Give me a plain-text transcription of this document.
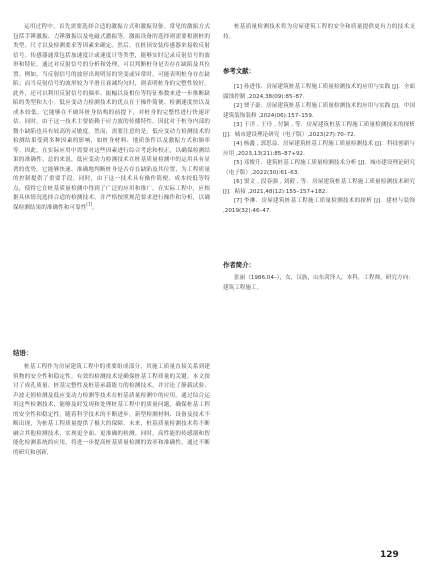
运用过程中，首先需要选择合适的激振方式和激振设备。常见的激振方式包括手锤激振、力锤激振以及电磁式激振等。激振设备的选择则需要根据桩的类型、尺寸以及检测要求等因素来确定。然后，在桩顶安装传感器来接收反射信号。传感器通常包括加速度计或速度计等类型，能够实时记录反射信号的波形和特征。通过对反射信号的分析和处理，可以判断桩身是否存在缺陷及其位置。例如，当反射信号的波形出现明显的突变或异常时，可能表明桩身存在缺陷；而当反射信号的波形较为平滑且衰减均匀时，则表明桩身的完整性较好。此外，还可以利用反射信号的频率、振幅以及相位等特征参数来进一步推断缺陷的类型和大小。低应变动力检测技术的优点在于操作简便、检测速度快以及成本较低。它能够在不破坏桩身结构的前提下，对桩身的完整性进行快速评估。同时，由于这一技术主要依赖于应力波的传播特性，因此对于桩身内部的微小缺陷也具有较高的灵敏度。然而，需要注意的是，低应变动力检测技术的检测结果受到多种因素的影响，如桩身材料、地质条件以及激振方式和频率等。因此，在实际应用中需要对这些因素进行综合考虑和校正，以确保检测结果的准确性。总的来说，低应变动力检测技术在桩基质量检测中的运用具有显著的优势。它能够快速、准确地判断桩身是否存在缺陷及其位置，为工程质量的控制提供了重要手段。同时，由于这一技术具有操作简便、成本较低等特点，使得它在桩基质量检测中得到了广泛的应用和推广。在实际工程中，应根据具体情况选择合适的检测技术，并严格按照规范要求进行操作和分析，以确保检测结果的准确性和可靠性[7]。

结语：

桩基工程作为房屋建筑工程中的重要组成部分，其施工质量直接关系到建筑物的安全性和稳定性。有效的检测技术是确保桩基工程质量的关键。本文探讨了成孔质量、桩基完整性及桩基承载能力的检测技术，并讨论了静载试验、声波无损检测及低应变动力检测等技术在桩基质量检测中的应用。通过综合运用这些检测技术，能够及时发现和处理桩基工程中的质量问题，确保桩基工程的安全性和稳定性。随着科学技术的不断进步，新型检测材料、设备及技术不断出现，为桩基工程质量提供了极大的保障。未来，桩基质量检测技术将不断融合其他检测技术，实现更全面、更准确的检测。同时，高性能的传感器和智能化检测系统的应用，将进一步提高桩基质量检测的效率和准确性，通过不断的研究和创新，

桩基质量检测技术将为房屋建筑工程的安全和质量提供更有力的技术支持。

参考文献：

[1] 孙进伟．房屋建筑桩基工程施工质量检测技术的应用与实践 [J]．全面腐蚀控制 ,2024,38(09):85–87.

[2] 贾子豪．房屋建筑桩基工程施工质量检测技术的应用与实践 [J]．中国建筑装饰装修 ,2024(06):157–159.

[3] 于洋 , 王玲 , 付颖 , 等．房屋建筑桩基工程施工质量检测技术的探析 [J]．城市建设理论研究（电子版）,2023(27):70–72.

[4] 杨鑫 , 郭思益．房屋建筑桩基工程施工质量检测技术 [J]．科技创新与应用 ,2023,13(21):85–87+92.

[5] 邓俊升．建筑桩基工程施工质量检测技术分析 [J]．城市建设理论研究（电子版）,2022(30):61–63.

[6] 窦文 , 段春强 , 刘毅 , 等．房屋建筑桩基工程施工质量检测技术研究 [J]．粘接 ,2021,48(12):155–157+182.

[7] 李淋．房屋建筑桩基工程施工质量检测技术的探析 [J]．建材与装饰 ,2019(32):46–47.

作者简介：

张丽（1986.04–），女，汉族，山东菏泽人，本科，工程师，研究方向：建筑工程施工。

129
